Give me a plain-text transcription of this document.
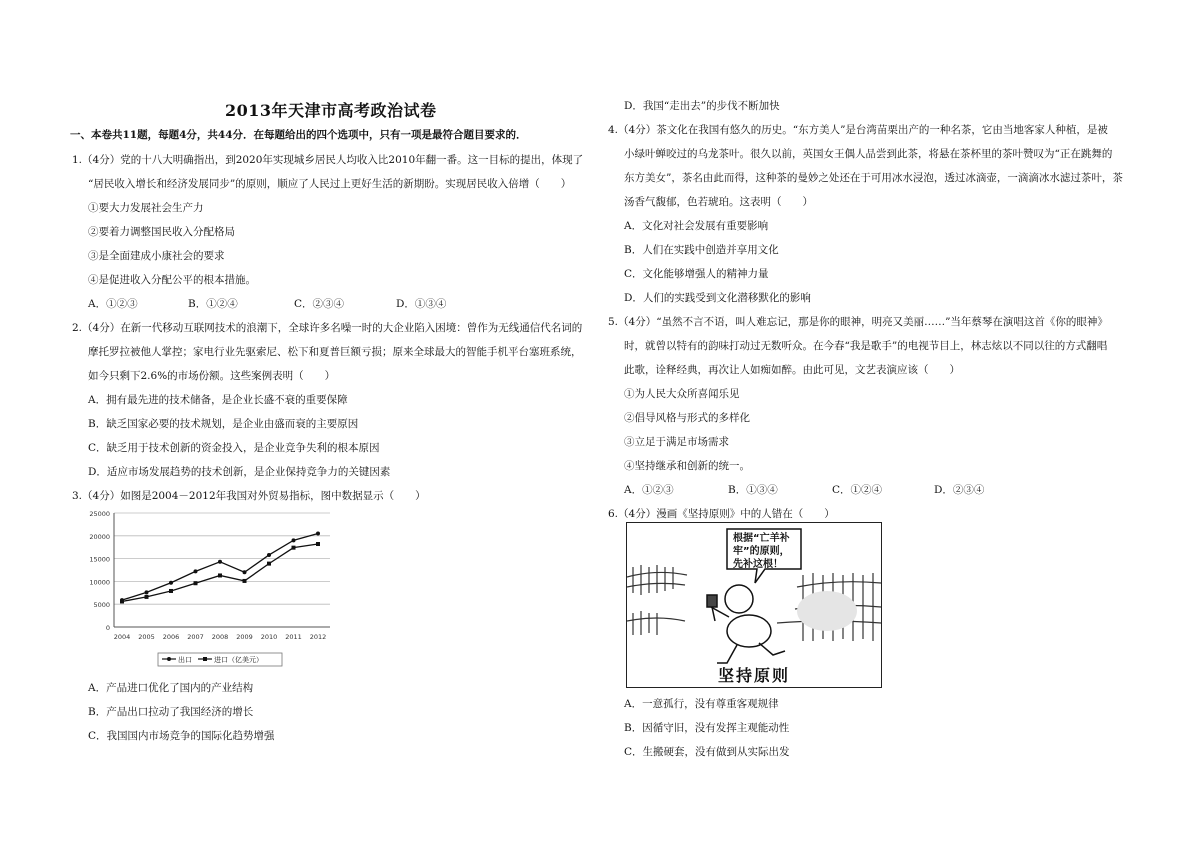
2013年天津市高考政治试卷
一、本卷共11题，每题4分，共44分．在每题给出的四个选项中，只有一项是最符合题目要求的．
1.（4分）党的十八大明确指出，到2020年实现城乡居民人均收入比2010年翻一番。这一目标的提出，体现了
“居民收入增长和经济发展同步”的原则，顺应了人民过上更好生活的新期盼。实现居民收入倍增（　　）
①要大力发展社会生产力
②要着力调整国民收入分配格局
③是全面建成小康社会的要求
④是促进收入分配公平的根本措施。
A．①②③	B．①②④	C．②③④	D．①③④
2.（4分）在新一代移动互联网技术的浪潮下，全球许多名噪一时的大企业陷入困境：曾作为无线通信代名词的
摩托罗拉被他人掌控；家电行业先驱索尼、松下和夏普巨额亏损；原来全球最大的智能手机平台塞班系统，
如今只剩下2.6%的市场份额。这些案例表明（　　）
A．拥有最先进的技术储备，是企业长盛不衰的重要保障
B．缺乏国家必要的技术规划，是企业由盛而衰的主要原因
C．缺乏用于技术创新的资金投入，是企业竞争失利的根本原因
D．适应市场发展趋势的技术创新，是企业保持竞争力的关键因素
3.（4分）如图是2004－2012年我国对外贸易指标，图中数据显示（　　）
25000
20000
15000
10000
5000
0
2004 2005 2006 2007 2008 2009 2010 2011 2012
出口	进口（亿美元）
A．产品进口优化了国内的产业结构
B．产品出口拉动了我国经济的增长
C．我国国内市场竞争的国际化趋势增强
D．我国“走出去”的步伐不断加快
4.（4分）茶文化在我国有悠久的历史。“东方美人”是台湾苗栗出产的一种名茶，它由当地客家人种植，是被
小绿叶蝉咬过的乌龙茶叶。很久以前，英国女王偶人品尝到此茶，将悬在茶杯里的茶叶赞叹为“正在跳舞的
东方美女”，茶名由此而得，这种茶的曼妙之处还在于可用冰水浸泡，透过冰滴壶，一滴滴冰水滤过茶叶，茶
汤香气馥郁，色若琥珀。这表明（　　）
A．文化对社会发展有重要影响
B．人们在实践中创造并享用文化
C．文化能够增强人的精神力量
D．人们的实践受到文化潜移默化的影响
5.（4分）“虽然不言不语，叫人难忘记，那是你的眼神，明亮又美丽……”当年蔡琴在演唱这首《你的眼神》
时，就曾以特有的韵味打动过无数听众。在今春“我是歌手”的电视节目上，林志炫以不同以往的方式翻唱
此歌，诠释经典，再次让人如痴如醉。由此可见，文艺表演应该（　　）
①为人民大众所喜闻乐见
②倡导风格与形式的多样化
③立足于满足市场需求
④坚持继承和创新的统一。
A．①②③	B．①③④	C．①②④	D．②③④
6.（4分）漫画《坚持原则》中的人错在（　　）
根据“亡羊补牢”的原则，先补这根！
坚持原则
A．一意孤行，没有尊重客观规律
B．因循守旧，没有发挥主观能动性
C．生搬硬套，没有做到从实际出发
